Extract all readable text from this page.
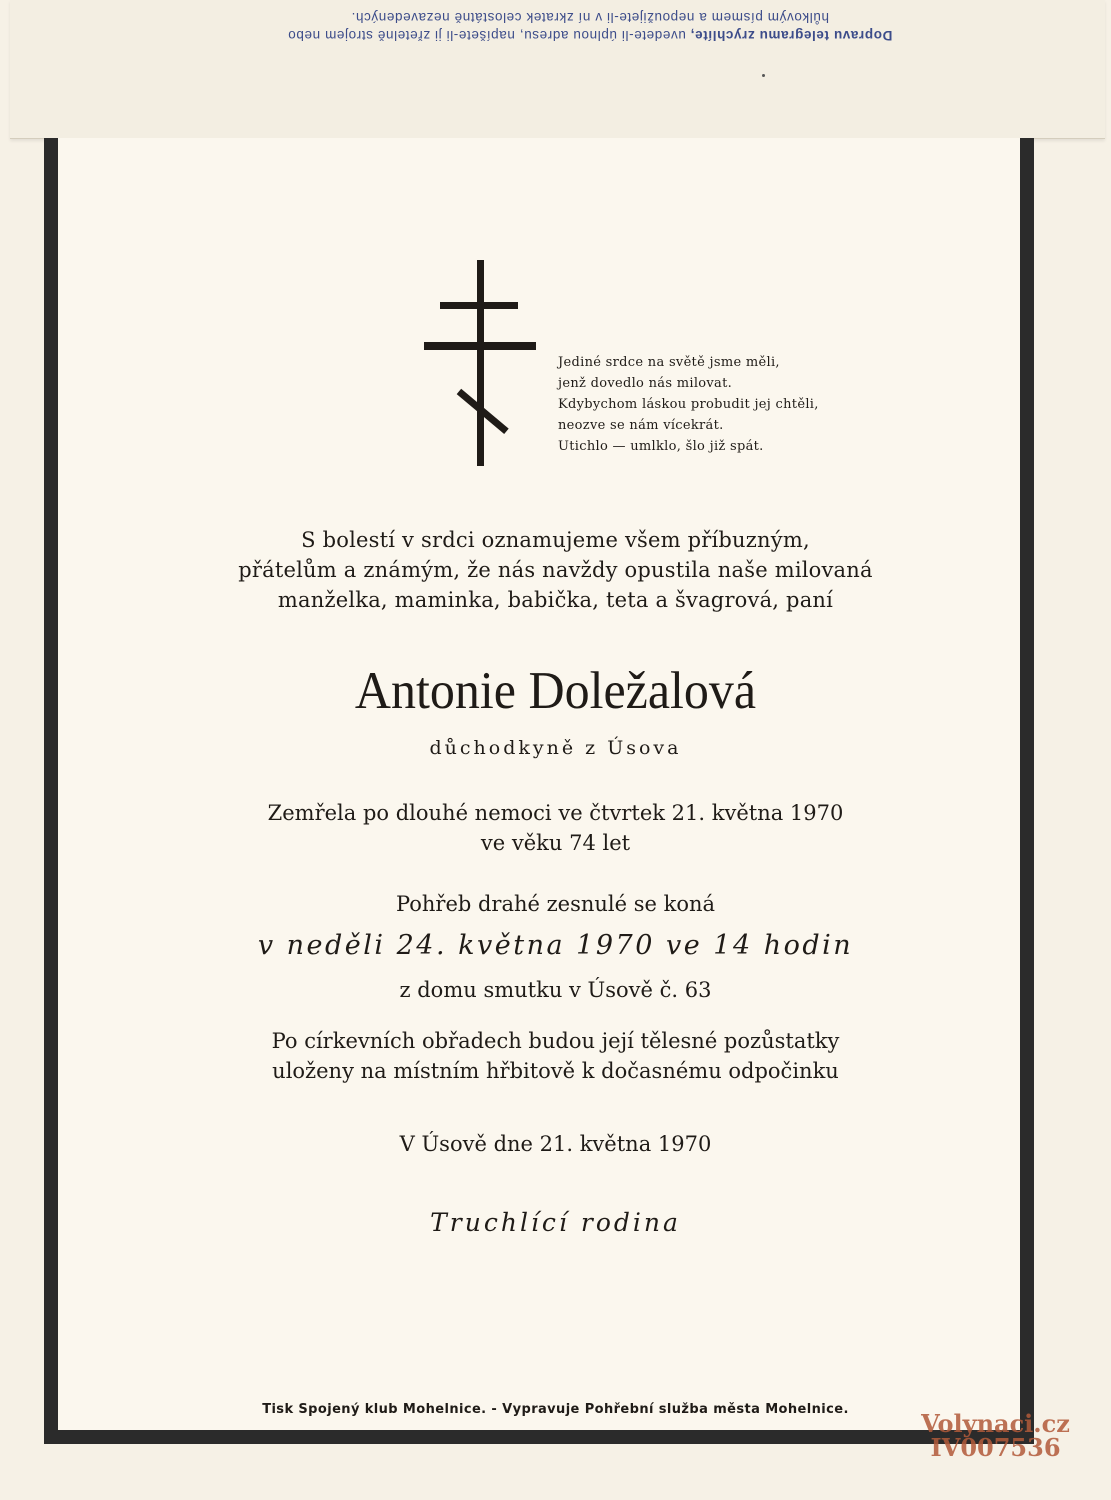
Dopravu telegramu zrychlíte, uvedete-li úplnou adresu, napíšete-li ji zřetelně strojem nebo
hůlkovým písmem a nepoužijete-li v ní zkratek celostátně nezavedených.
Jediné srdce na světě jsme měli,
jenž dovedlo nás milovat.
Kdybychom láskou probudit jej chtěli,
neozve se nám vícekrát.
Utichlo — umlklo, šlo již spát.
S bolestí v srdci oznamujeme všem příbuzným,
přátelům a známým, že nás navždy opustila naše milovaná
manželka, maminka, babička, teta a švagrová, paní
Antonie Doležalová
důchodkyně z Úsova
Zemřela po dlouhé nemoci ve čtvrtek 21. května 1970
ve věku 74 let
Pohřeb drahé zesnulé se koná
v neděli 24. května 1970 ve 14 hodin
z domu smutku v Úsově č. 63
Po církevních obřadech budou její tělesné pozůstatky
uloženy na místním hřbitově k dočasnému odpočinku
V Úsově dne 21. května 1970
Truchlící rodina
Tisk Spojený klub Mohelnice. - Vypravuje Pohřební služba města Mohelnice.	Volynaci.cz
IV007536
